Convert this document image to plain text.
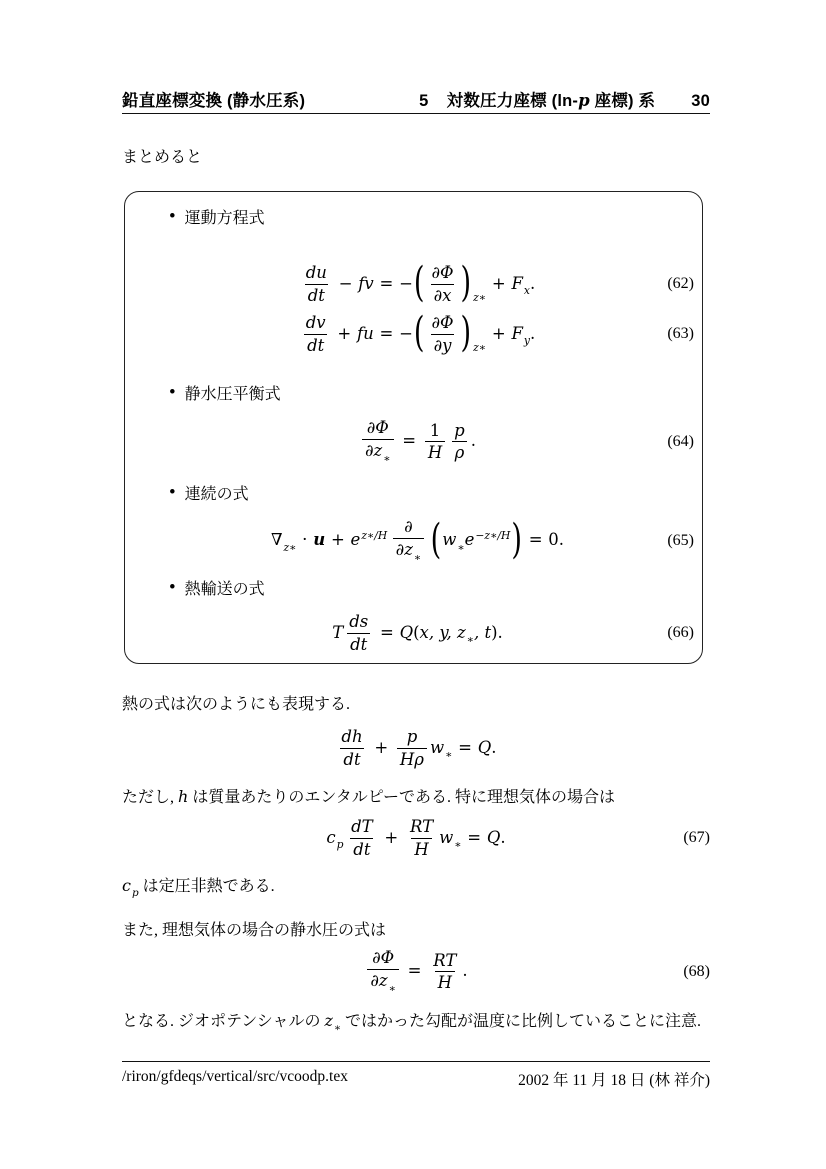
鉛直座標変換 (静水圧系)	5 対数圧力座標 (ln-p 座標) 系 30

まとめると

• 運動方程式
$\frac{du}{dt}$ − fv = −( $\frac{\partial\Phi}{\partial x}$ ) $_{z∗}+ F_x$.	(62)
$\frac{dv}{dt}$ + fu = −( $\frac{\partial\Phi}{\partial y}$ ) $_{z∗}+ F_y$.	(63)
• 静水圧平衡式
$\frac{\partial\Phi}{\partial z_∗} = \frac{1}{H} \frac{p}{\rho}$ .	(64)
• 連続の式
$\nabla_{z∗} \cdot u + e^{z∗/H} \frac{\partial}{\partial z_∗} (w_∗e^{-z∗/H}) = 0$.	(65)
• 熱輸送の式
T $\frac{ds}{dt} = Q(x$, y, $z_∗$, t).	(66)

熱の式は次のようにも表現する.

$\frac{dh}{dt} + \frac{p}{H\rho} w_∗ = Q$.

ただし, h は質量あたりのエンタルピーである. 特に理想気体の場合は

$c_p \frac{dT}{dt} + \frac{RT}{H} w_∗ = Q$.	(67)

$c_p$ は定圧非熱である.

また, 理想気体の場合の静水圧の式は

$\frac{\partial\Phi}{\partial z_∗} = \frac{RT}{H}$ .	(68)

となる. ジオポテンシャルの $z_∗$ ではかった勾配が温度に比例していることに注意.

/riron/gfdeqs/vertical/src/vcoodp.tex	2002 年 11 月 18 日 (林 祥介)
